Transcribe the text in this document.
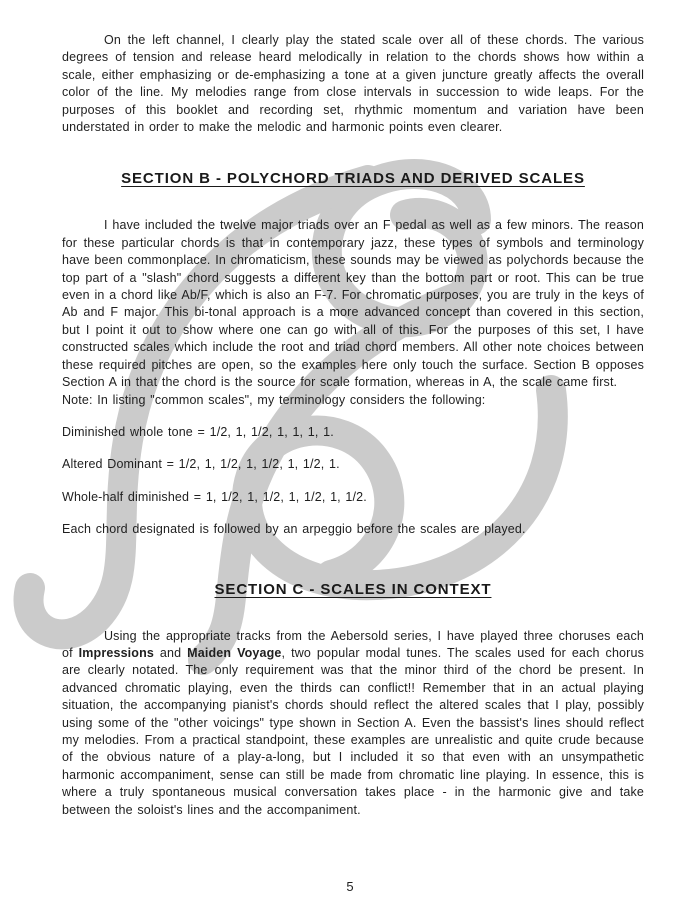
On the left channel, I clearly play the stated scale over all of these chords. The various degrees of tension and release heard melodically in relation to the chords shows how within a scale, either emphasizing or de-emphasizing a tone at a given juncture greatly affects the overall color of the line. My melodies range from close intervals in succession to wide leaps. For the purposes of this booklet and recording set, rhythmic momentum and variation have been understated in order to make the melodic and harmonic points even clearer.

SECTION B - POLYCHORD TRIADS AND DERIVED SCALES

I have included the twelve major triads over an F pedal as well as a few minors. The reason for these particular chords is that in contemporary jazz, these types of symbols and terminology have been commonplace. In chromaticism, these sounds may be viewed as polychords because the top part of a "slash" chord suggests a different key than the bottom part or root. This can be true even in a chord like Ab/F, which is also an F-7. For chromatic purposes, you are truly in the keys of Ab and F major. This bi-tonal approach is a more advanced concept than covered in this section, but I point it out to show where one can go with all of this. For the purposes of this set, I have constructed scales which include the root and triad chord members. All other note choices between these required pitches are open, so the examples here only touch the surface. Section B opposes Section A in that the chord is the source for scale formation, whereas in A, the scale came first.

Note: In listing "common scales", my terminology considers the following:

Diminished whole tone = 1/2, 1, 1/2, 1, 1, 1, 1.

Altered Dominant = 1/2, 1, 1/2, 1, 1/2, 1, 1/2, 1.

Whole-half diminished = 1, 1/2, 1, 1/2, 1, 1/2, 1, 1/2.

Each chord designated is followed by an arpeggio before the scales are played.

SECTION C - SCALES IN CONTEXT

Using the appropriate tracks from the Aebersold series, I have played three choruses each of Impressions and Maiden Voyage, two popular modal tunes. The scales used for each chorus are clearly notated. The only requirement was that the minor third of the chord be present. In advanced chromatic playing, even the thirds can conflict!! Remember that in an actual playing situation, the accompanying pianist's chords should reflect the altered scales that I play, possibly using some of the "other voicings" type shown in Section A. Even the bassist's lines should reflect my melodies. From a practical standpoint, these examples are unrealistic and quite crude because of the obvious nature of a play-a-long, but I included it so that even with an unsympathetic harmonic accompaniment, sense can still be made from chromatic line playing. In essence, this is where a truly spontaneous musical conversation takes place - in the harmonic give and take between the soloist's lines and the accompaniment.

5
